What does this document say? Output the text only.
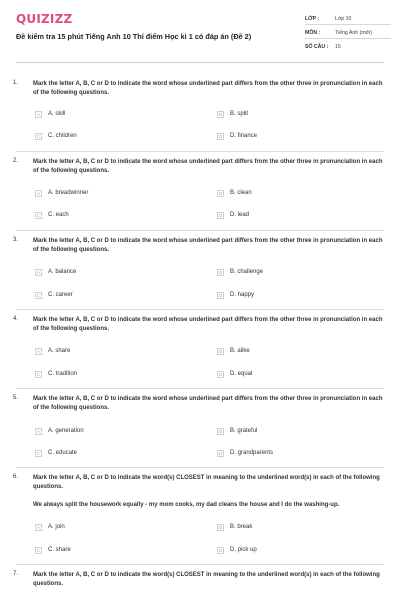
QUIZIZZ
Đề kiểm tra 15 phút Tiếng Anh 10 Thí điểm Học kì 1 có đáp án (Đề 2)
LỚP :	Lớp 10
MÔN :	Tiếng Anh (mới)
SỐ CÂU :	15
1. Mark the letter A, B, C or D to indicate the word whose underlined part differs from the other three in pronunciation in each of the following questions.
A	A. skill	B	B. split
C	C. children	D	D. finance
2. Mark the letter A, B, C or D to indicate the word whose underlined part differs from the other three in pronunciation in each of the following questions.
A	A. breadwinner	B	B. clean
C	C. each	D	D. lead
3. Mark the letter A, B, C or D to indicate the word whose underlined part differs from the other three in pronunciation in each of the following questions.
A	A. balance	B	B. challenge
C	C. career	D	D. happy
4. Mark the letter A, B, C or D to indicate the word whose underlined part differs from the other three in pronunciation in each of the following questions.
A	A. share	B	B. alike
C	C. tradition	D	D. equal
5. Mark the letter A, B, C or D to indicate the word whose underlined part differs from the other three in pronunciation in each of the following questions.
A	A. generation	B	B. grateful
C	C. educate	D	D. grandparents
6. Mark the letter A, B, C or D to indicate the word(s) CLOSEST in meaning to the underlined word(s) in each of the following questions.
We always split the housework equally - my mom cooks, my dad cleans the house and I do the washing-up.
A	A. join	B	B. break
C	C. share	D	D. pick up
7. Mark the letter A, B, C or D to indicate the word(s) CLOSEST in meaning to the underlined word(s) in each of the following questions.
